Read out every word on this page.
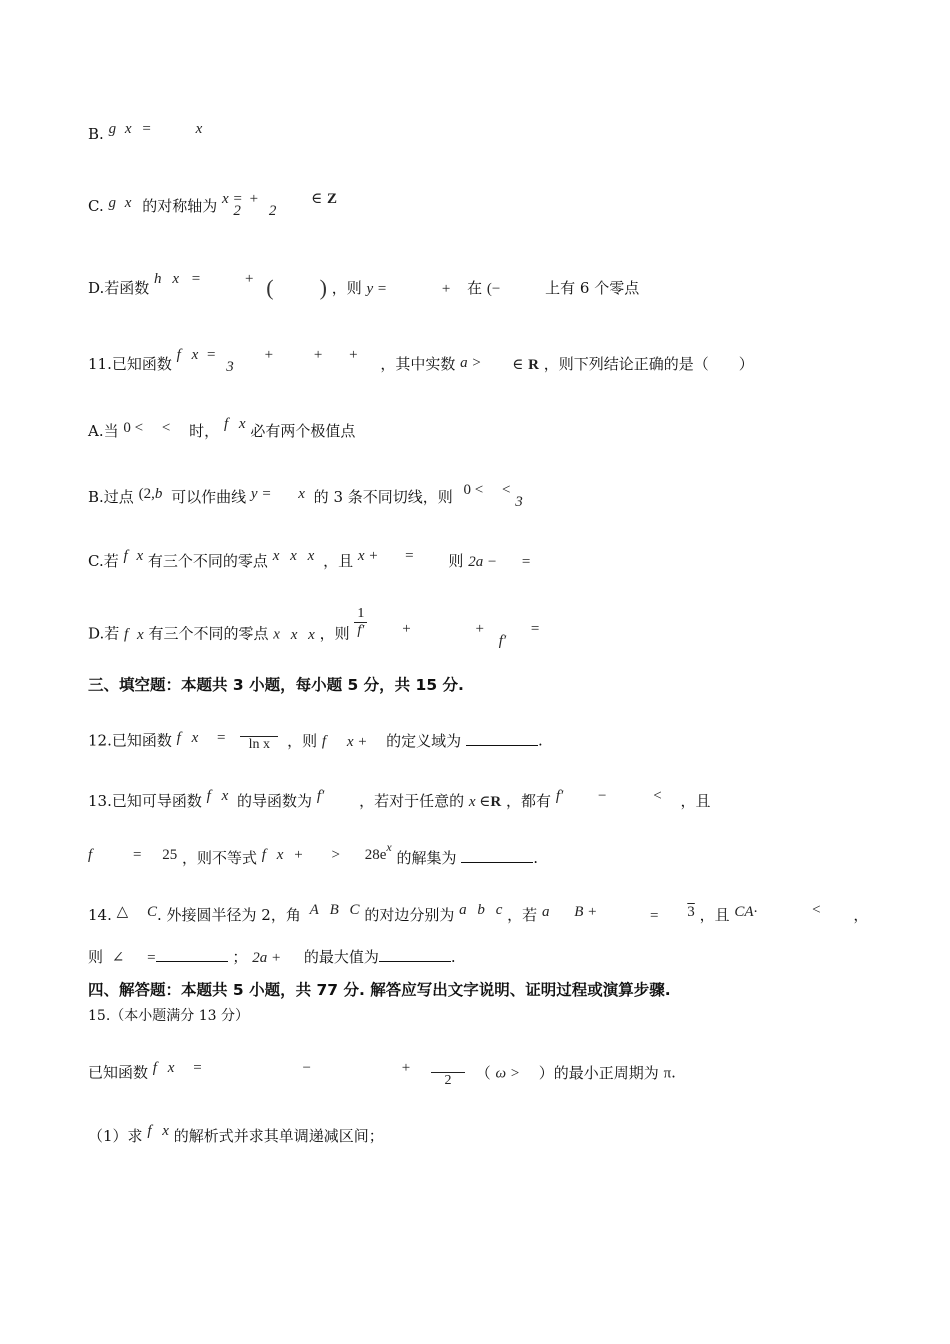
B. g x =	x
C. g x 的对称轴为 x = 2 + 2 ∈ Z
D.若函数 h x =	+ ( ) ，则 y =	+ 在 (−	上有 6 个零点
11.已知函数 f x = 3 +	+ + ，其中实数 a > ∈ R ，则下列结论正确的是（　　）
A.当 0 < < 时， f x 必有两个极值点
B.过点 (2,b 可以作曲线 y = x 的 3 条不同切线，则 0 < < 3
C.若 f x 有三个不同的零点 x x x ，且 x + = 则 2a − =
D.若 f x 有三个不同的零点 x x x ，则 $\frac{1}{f'}$ +	+ f′ =
三、填空题：本题共 3 小题，每小题 5 分，共 15 分.
12.已知函数 f x =	ln x	，则 f x + 的定义域为	.
13.已知可导函数 f x 的导函数为 f′ ，若对于任意的 x ∈R ，都有 f′ −	< ，且
f	= 25 ，则不等式 f x + > $28e^x$ 的解集为	.
14. △ C. 外接圆半径为 2，角 A B C 的对边分别为 a b c ，若 a B +	= 3 ，且 CA·	< ，
则 ∠ =	； 2a + 的最大值为	.
四、解答题：本题共 5 小题，共 77 分. 解答应写出文字说明、证明过程或演算步骤.
15.（本小题满分 13 分）
已知函数 f x =	−	+
2	（ ω > ）的最小正周期为 π.
（1）求 f x 的解析式并求其单调递减区间；
